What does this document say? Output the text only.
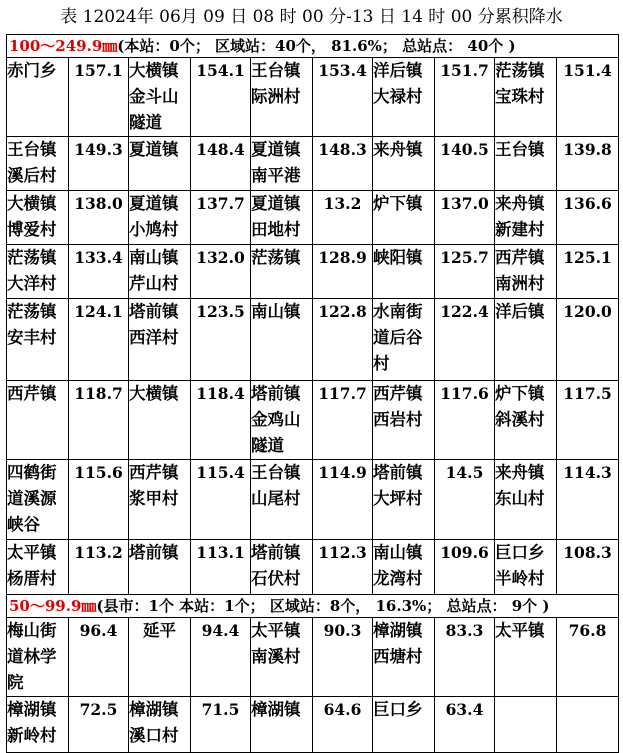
表 12024年 06月 09 日 08 时 00 分-13 日 14 时 00 分累积降水
100～249.9㎜(本站：0个； 区域站：40个， 81.6%； 总站点： 40个 )									
赤门乡	157.1	大横镇金斗山隧道	154.1	王台镇际洲村	153.4	洋后镇大禄村	151.7	茫荡镇宝珠村	151.4
王台镇溪后村	149.3	夏道镇	148.4	夏道镇南平港	148.3	来舟镇	140.5	王台镇	139.8
大横镇博爱村	138.0	夏道镇小鸠村	137.7	夏道镇田地村	13.2	炉下镇	137.0	来舟镇新建村	136.6
茫荡镇大洋村	133.4	南山镇芹山村	132.0	茫荡镇	128.9	峡阳镇	125.7	西芹镇南洲村	125.1
茫荡镇安丰村	124.1	塔前镇西洋村	123.5	南山镇	122.8	水南街道后谷村	122.4	洋后镇	120.0
西芹镇	118.7	大横镇	118.4	塔前镇金鸡山隧道	117.7	西芹镇西岩村	117.6	炉下镇斜溪村	117.5
四鹤街道溪源峡谷	115.6	西芹镇浆甲村	115.4	王台镇山尾村	114.9	塔前镇大坪村	14.5	来舟镇东山村	114.3
太平镇杨厝村	113.2	塔前镇	113.1	塔前镇石伏村	112.3	南山镇龙湾村	109.6	巨口乡半岭村	108.3
50～99.9㎜(县市：1个 本站：1个； 区域站：8个， 16.3%； 总站点： 9个 )									
梅山街道林学院	96.4	延平	94.4	太平镇南溪村	90.3	樟湖镇西塘村	83.3	太平镇	76.8
樟湖镇新岭村	72.5	樟湖镇溪口村	71.5	樟湖镇	64.6	巨口乡	63.4		
